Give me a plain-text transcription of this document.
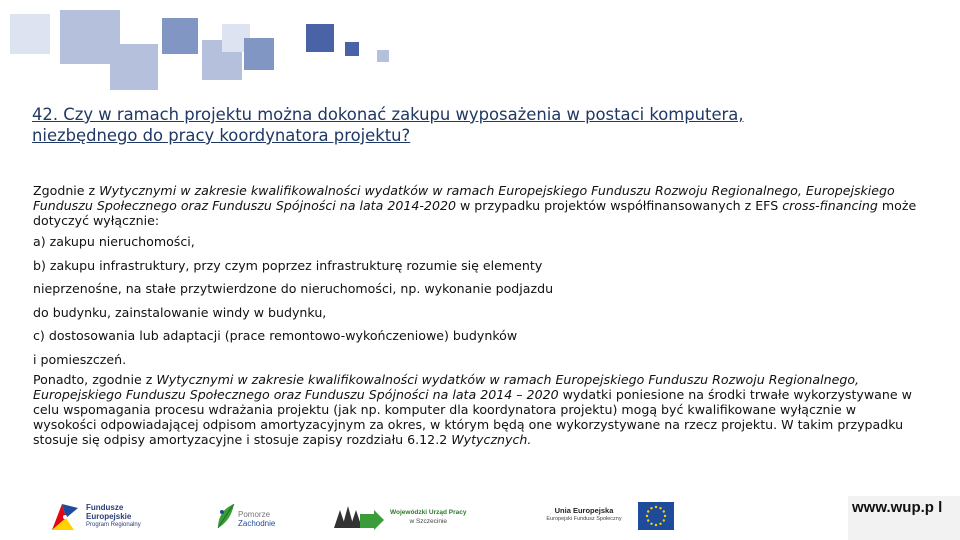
42. Czy w ramach projektu można dokonać zakupu wyposażenia w postaci komputera,
niezbędnego do pracy koordynatora projektu?

Zgodnie z Wytycznymi w zakresie kwalifikowalności wydatków w ramach Europejskiego Funduszu Rozwoju Regionalnego, Europejskiego Funduszu Społecznego oraz Funduszu Spójności na lata 2014-2020 w przypadku projektów współfinansowanych z EFS cross-financing może dotyczyć wyłącznie:

a) zakupu nieruchomości,

b) zakupu infrastruktury, przy czym poprzez infrastrukturę rozumie się elementy

nieprzenośne, na stałe przytwierdzone do nieruchomości, np. wykonanie podjazdu

do budynku, zainstalowanie windy w budynku,

c) dostosowania lub adaptacji (prace remontowo-wykończeniowe) budynków

i pomieszczeń.

Ponadto, zgodnie z Wytycznymi w zakresie kwalifikowalności wydatków w ramach Europejskiego Funduszu Rozwoju Regionalnego, Europejskiego Funduszu Społecznego oraz Funduszu Spójności na lata 2014 – 2020 wydatki poniesione na środki trwałe wykorzystywane w celu wspomagania procesu wdrażania projektu (jak np. komputer dla koordynatora projektu) mogą być kwalifikowane wyłącznie w wysokości odpowiadającej odpisom amortyzacyjnym za okres, w którym będą one wykorzystywane na rzecz projektu. W takim przypadku stosuje się odpisy amortyzacyjne i stosuje zapisy rozdziału 6.12.2 Wytycznych.

Fundusze
Europejskie
Program Regionalny
Pomorze
Zachodnie
Wojewódzki Urząd Pracy
w Szczecinie
Unia Europejska
Europejski Fundusz Społeczny
www.wup.p l
